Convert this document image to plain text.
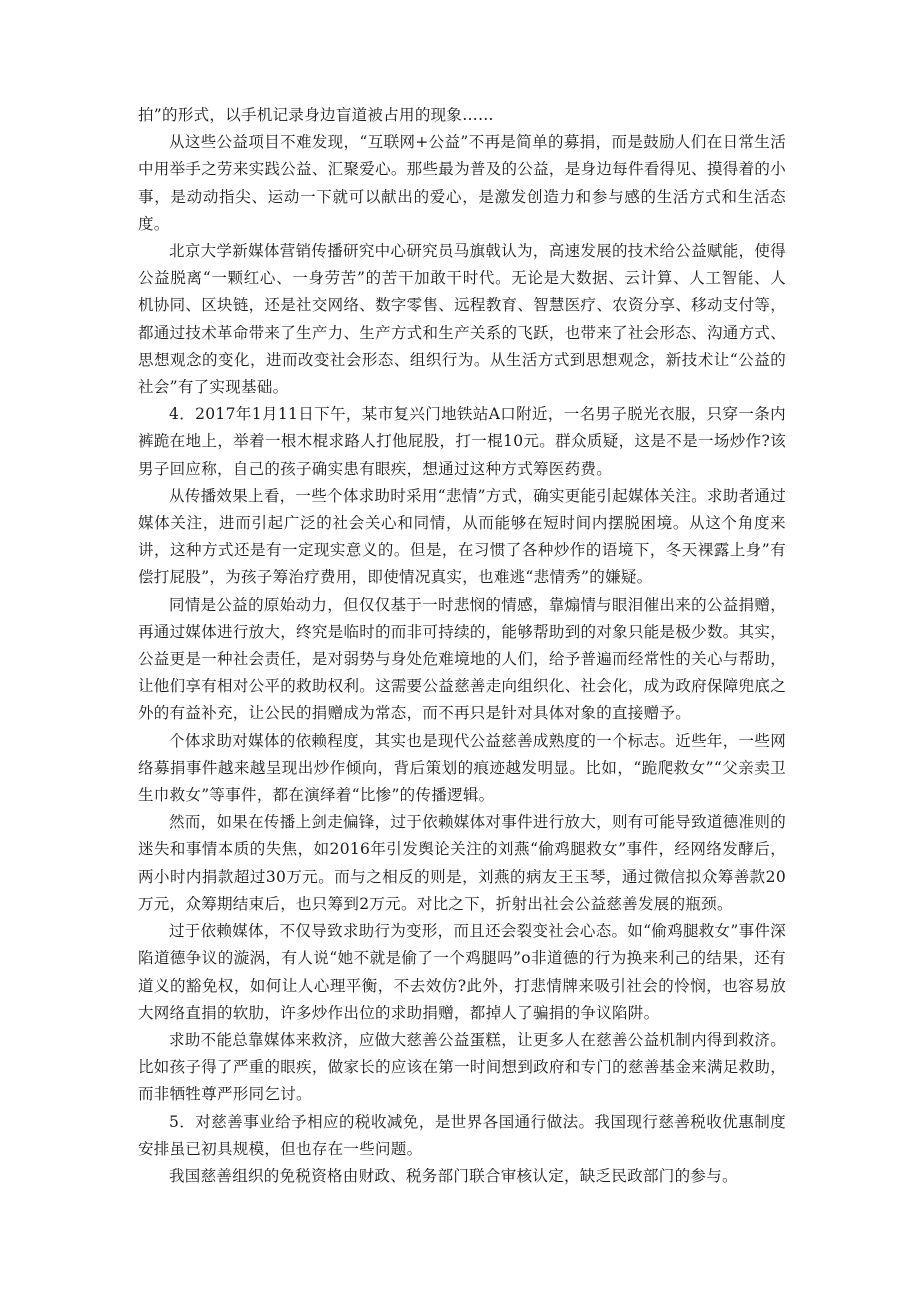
拍”的形式，以手机记录身边盲道被占用的现象……

从这些公益项目不难发现，“互联网+公益”不再是简单的募捐，而是鼓励人们在日常生活中用举手之劳来实践公益、汇聚爱心。那些最为普及的公益，是身边每件看得见、摸得着的小事，是动动指尖、运动一下就可以献出的爱心，是激发创造力和参与感的生活方式和生活态度。

北京大学新媒体营销传播研究中心研究员马旗戟认为，高速发展的技术给公益赋能，使得公益脱离“一颗红心、一身劳苦”的苦干加敢干时代。无论是大数据、云计算、人工智能、人机协同、区块链，还是社交网络、数字零售、远程教育、智慧医疗、农资分享、移动支付等，都通过技术革命带来了生产力、生产方式和生产关系的飞跃，也带来了社会形态、沟通方式、思想观念的变化，进而改变社会形态、组织行为。从生活方式到思想观念，新技术让“公益的社会”有了实现基础。

4．2017年1月11日下午，某市复兴门地铁站A口附近，一名男子脱光衣服，只穿一条内裤跪在地上，举着一根木棍求路人打他屁股，打一棍10元。群众质疑，这是不是一场炒作?该男子回应称，自己的孩子确实患有眼疾，想通过这种方式筹医药费。

从传播效果上看，一些个体求助时采用“悲情”方式，确实更能引起媒体关注。求助者通过媒体关注，进而引起广泛的社会关心和同情，从而能够在短时间内摆脱困境。从这个角度来讲，这种方式还是有一定现实意义的。但是，在习惯了各种炒作的语境下，冬天裸露上身”有偿打屁股”，为孩子筹治疗费用，即使情况真实，也难逃“悲情秀”的嫌疑。

同情是公益的原始动力，但仅仅基于一时悲悯的情感，靠煽情与眼泪催出来的公益捐赠，再通过媒体进行放大，终究是临时的而非可持续的，能够帮助到的对象只能是极少数。其实，公益更是一种社会责任，是对弱势与身处危难境地的人们，给予普遍而经常性的关心与帮助，让他们享有相对公平的救助权利。这需要公益慈善走向组织化、社会化，成为政府保障兜底之外的有益补充，让公民的捐赠成为常态，而不再只是针对具体对象的直接赠予。

个体求助对媒体的依赖程度，其实也是现代公益慈善成熟度的一个标志。近些年，一些网络募捐事件越来越呈现出炒作倾向，背后策划的痕迹越发明显。比如，“跪爬救女”“父亲卖卫生巾救女”等事件，都在演绎着“比惨”的传播逻辑。

然而，如果在传播上剑走偏锋，过于依赖媒体对事件进行放大，则有可能导致道德准则的迷失和事情本质的失焦，如2016年引发舆论关注的刘燕“偷鸡腿救女”事件，经网络发酵后，两小时内捐款超过30万元。而与之相反的则是，刘燕的病友王玉琴，通过微信拟众筹善款20万元，众筹期结束后，也只筹到2万元。对比之下，折射出社会公益慈善发展的瓶颈。

过于依赖媒体，不仅导致求助行为变形，而且还会裂变社会心态。如“偷鸡腿救女”事件深陷道德争议的漩涡，有人说“她不就是偷了一个鸡腿吗”o非道德的行为换来利己的结果，还有道义的豁免权，如何让人心理平衡，不去效仿?此外，打悲情牌来吸引社会的怜悯，也容易放大网络直捐的软肋，许多炒作出位的求助捐赠，都掉人了骗捐的争议陷阱。

求助不能总靠媒体来救济，应做大慈善公益蛋糕，让更多人在慈善公益机制内得到救济。比如孩子得了严重的眼疾，做家长的应该在第一时间想到政府和专门的慈善基金来满足救助，而非牺牲尊严形同乞讨。

5．对慈善事业给予相应的税收减免，是世界各国通行做法。我国现行慈善税收优惠制度安排虽已初具规模，但也存在一些问题。

我国慈善组织的免税资格由财政、税务部门联合审核认定，缺乏民政部门的参与。
